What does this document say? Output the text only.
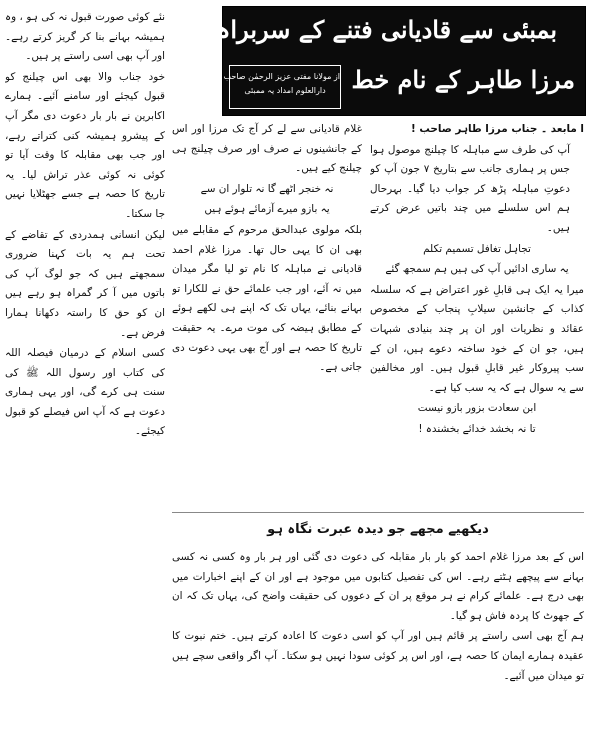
نئے کوئی صورت قبول نہ کی ہو ، وہ ہمیشہ بہانے بنا کر گریز کرتے رہے۔ اور آپ بھی اسی راستے پر ہیں۔

خود جناب والا بھی اس چیلنج کو قبول کیجئے اور سامنے آئیے۔ ہمارے اکابرین نے بار بار دعوت دی مگر آپ کے پیشرو ہمیشہ کنی کتراتے رہے، اور جب بھی مقابلہ کا وقت آیا تو کوئی نہ کوئی عذر تراش لیا۔ یہ تاریخ کا حصہ ہے جسے جھٹلایا نہیں جا سکتا۔

لیکن انسانی ہمدردی کے تقاضے کے تحت ہم یہ بات کہنا ضروری سمجھتے ہیں کہ جو لوگ آپ کی باتوں میں آ کر گمراہ ہو رہے ہیں ان کو حق کا راستہ دکھانا ہمارا فرض ہے۔

کسی اسلام کے درمیان فیصلہ اللہ کی کتاب اور رسول اللہ ﷺ کی سنت ہی کرے گی، اور یہی ہماری دعوت ہے کہ آپ اس فیصلے کو قبول کیجئے۔

بمبئی سے قادیانی فتنے کے سربراہ
مرزا طاہر کے نام خط
از مولانا مفتی عزیز الرحمٰن صاحب
دارالعلوم امداد یہ ممبئی

ا مابعد ۔ جناب مرزا طاہر صاحب !

آپ کی طرف سے مباہلہ کا چیلنج موصول ہوا جس پر ہماری جانب سے بتاریخ ۷ جون آپ کو دعوتِ مباہلہ پڑھ کر جواب دیا گیا۔ بہرحال ہم اس سلسلے میں چند باتیں عرض کرتے ہیں۔

تجاہل تغافل تسمیم تکلم

یہ ساری ادائیں آپ کی ہیں ہم سمجھ گئے

میرا یہ ایک ہی قابلِ غور اعتراض ہے کہ سلسلہ کذاب کے جانشین سیلابِ پنجاب کے مخصوص عقائد و نظریات اور ان پر چند بنیادی شبہات ہیں، جو ان کے خود ساختہ دعوے ہیں، ان کے سب پیروکار غیر قابلِ قبول ہیں۔ اور مخالفین سے یہ سوال ہے کہ یہ سب کیا ہے۔

ابن سعادت بزور بازو نیست

تا نہ بخشد خدائے بخشندہ !

غلام قادیانی سے لے کر آج تک مرزا اور اس کے جانشینوں نے صرف اور صرف چیلنج ہی چیلنج کیے ہیں۔

نہ خنجر اٹھے گا نہ تلوار ان سے

یہ بازو میرے آزمائے ہوئے ہیں

بلکہ مولوی عبدالحق مرحوم کے مقابلے میں بھی ان کا یہی حال تھا۔ مرزا غلام احمد قادیانی نے مباہلہ کا نام تو لیا مگر میدان میں نہ آئے، اور جب علمائے حق نے للکارا تو بہانے بنائے، یہاں تک کہ اپنے ہی لکھے ہوئے کے مطابق ہیضہ کی موت مرے۔ یہ حقیقت تاریخ کا حصہ ہے اور آج بھی یہی دعوت دی جاتی ہے۔

دیکھیے مجھے جو دیدہ عبرت نگاہ ہو

اس کے بعد مرزا غلام احمد کو بار بار مقابلہ کی دعوت دی گئی اور ہر بار وہ کسی نہ کسی بہانے سے پیچھے ہٹتے رہے۔ اس کی تفصیل کتابوں میں موجود ہے اور ان کے اپنے اخبارات میں بھی درج ہے۔ علمائے کرام نے ہر موقع پر ان کے دعووں کی حقیقت واضح کی، یہاں تک کہ ان کے جھوٹ کا پردہ فاش ہو گیا۔

ہم آج بھی اسی راستے پر قائم ہیں اور آپ کو اسی دعوت کا اعادہ کرتے ہیں۔ ختم نبوت کا عقیدہ ہمارے ایمان کا حصہ ہے، اور اس پر کوئی سودا نہیں ہو سکتا۔ آپ اگر واقعی سچے ہیں تو میدان میں آئیے۔
